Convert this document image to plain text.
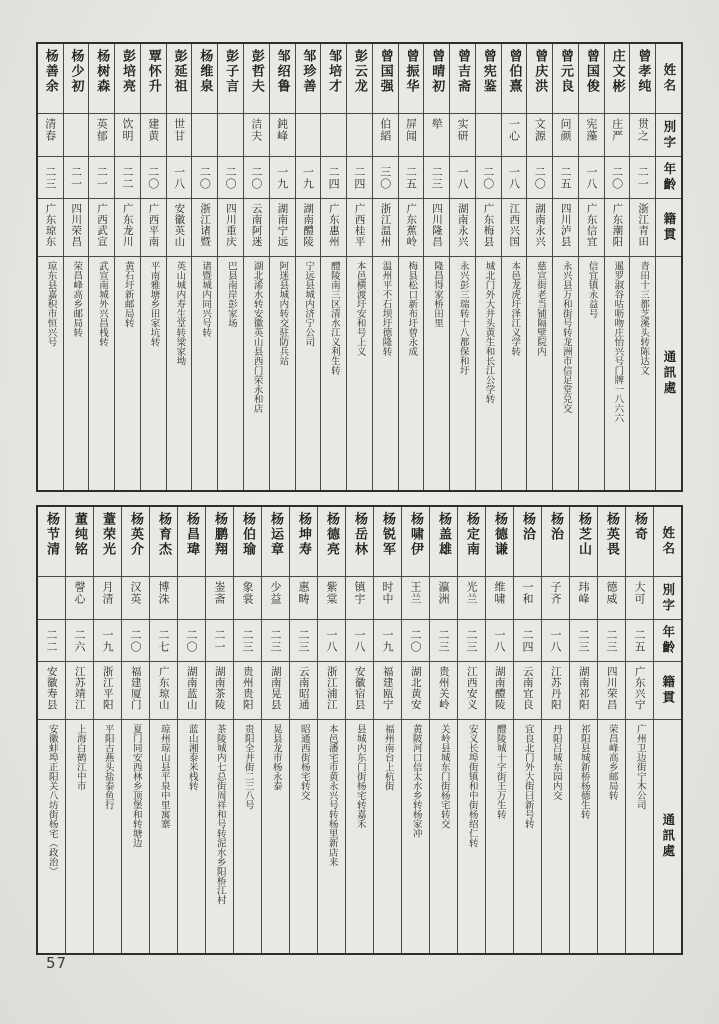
姓名
別字
年齡
籍貫
通訊處
曾孝纯
贯之
二一
浙江青田
青田十三都芝溪头转陈达文
庄文彬
庄严
二〇
广东潮阳
暹罗淑谷咕呖吻庄怡兴号门牌一八六六
曾国俊
宪藻
一八
广东信宜
信宜镇永益号
曾元良
问颜
二五
四川泸县
永兴县万和街号转龙洲市信足堂兑交
曾庆洪
文源
二〇
湖南永兴
慈宣街老当铺隔壁院内
曾伯熹
一心
一八
江西兴国
本邑龙虎圩泽江义学转
曾宪鉴
二〇
广东梅县
城北门外大井头黄生和长江公学转
曾吉斋
实研
一八
湖南永兴
永兴彭三瑞转十八都保和圩
曾晴初
犖
二三
四川隆昌
隆昌得家桥田里
曾振华
屏闻
二五
广东蕉岭
梅县松口新布圩曾永成
曾国强
伯縚
三〇
浙江温州
温州平不石坝圩德隆转
彭云龙
二四
广西桂平
本邑横渡圩安和号上义
邹培才
二四
广东惠州
醴陵南三区清水江义利生转
邹珍善
一九
湖南醴陵
宁远县城内济宁公司
邹绍鲁
鈍峰
一九
湖南宁远
阿迷县城内转交驻防兵站
彭哲夫
洁夫
二〇
云南阿迷
湖北浠水转安徽英山县西门荣永和店
彭子言
二〇
四川重庆
巴县南岸彭家场
杨维泉
二〇
浙江诸暨
诸暨城内同兴号转
彭延祖
世甘
一八
安徽英山
英山城内寿生堂转梁家坳
覃怀升
建黄
二〇
广西平南
平南雅塘乡田家坑转
彭培亮
饮明
二二
广东龙川
黄石圩新邮局转
杨树森
英郁
二一
广西武宣
武宣南城外兴昌栈转
杨少初
二一
四川荣昌
荣昌峰高乡邮局转
杨善余
清春
二三
广东琼东
琼东县嘉积市恒兴号
姓名
別字
年齡
籍貫
通訊處
杨奇
大可
二五
广东兴宁
广州卫边街宁木公司
杨英畏
德威
二三
四川荣昌
荣昌峰高乡邮局转
杨芝山
玮峰
二三
湖南祁阳
祁阳县城新桥杨德生转
杨治
子齐
一八
江苏丹阳
丹阳吕城东园内交
杨洽
一和
二四
云南宜良
宜良北门外大街曰新号转
杨德谦
维啸
一八
湖南醴陵
醴陵城十字街王万生转
杨定南
光兰
二三
江西安义
安义长埠街镇和中街杨绍仁转
杨盖雄
瀛洲
二三
贵州关岭
关岭县城东门街杨宅转交
杨啸伊
王兰
二〇
湖北黄安
黄陂河口信太水乡转杨家冲
杨锐军
时中
一九
福建瓯宁
福州南台上杭街
杨岳林
镇宇
一八
安徽宿县
县城内东门街杨宅转嘉禾
杨德亮
紫棠
一八
浙江浦江
本邑潘宅市黄永兴号转杨里新店来
杨坤寿
惠畴
二三
云南昭通
昭通西街杨宅转交
杨运章
少益
二三
湖南晃县
晃县龙市杨永泰
杨伯瑜
象裳
二三
贵州贵阳
贵阳全井街二三八号
杨鹏翔
崟斋
二一
湖南茶陵
茶陵城内七总街周祥和号转泥水乡阳桥江村
杨昌瑋
二〇
湖南蓝山
蓝山湘泰米栈转
杨育杰
博洙
二七
广东琼山
琼州琼山县平泉中里寓寨
杨英介
汉英
二〇
福建厦门
夏门同安西林乡顶堡和转塘边
蕫荣光
月清
一九
浙江平阳
平阳古燕头盐泰鱼行
董纯铭
謦心
二六
江苏靖江
上海白鹤江中市
杨节清
二二
安徽寿县
安徽蚌埠正阳关八坊街杨宅（政治）
57
